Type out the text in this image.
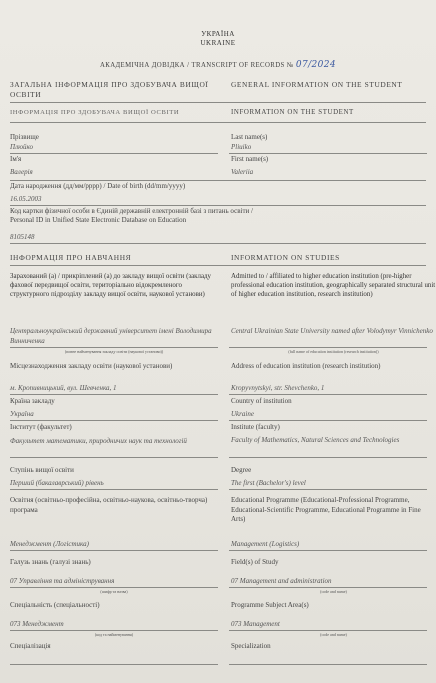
УКРАЇНА
UKRAINE
АКАДЕМІЧНА ДОВІДКА / TRANSCRIPT OF RECORDS № 07/2024
ЗАГАЛЬНА ІНФОРМАЦІЯ ПРО ЗДОБУВАЧА ВИЩОЇ ОСВІТИ
GENERAL INFORMATION ON THE STUDENT
ІНФОРМАЦІЯ ПРО ЗДОБУВАЧА ВИЩОЇ ОСВІТИ	INFORMATION ON THE STUDENT
Прізвище	Last name(s)
Плюйко	Pliuiko
Ім'я	First name(s)
Валерія	Valeriia
Дата народження (дд/мм/рррр) / Date of birth (dd/mm/yyyy)
16.05.2003
Код картки фізичної особи в Єдиній державній електронній базі з питань освіти /
Personal ID in Unified State Electronic Database on Education
8105148
ІНФОРМАЦІЯ ПРО НАВЧАННЯ	INFORMATION ON STUDIES
Зарахований (а) / прикріплений (а) до закладу вищої освіти (закладу фахової передвищої освіти, територіально відокремленого структурного підрозділу закладу вищої освіти, наукової установи)
Admitted to / affiliated to higher education institution (pre-higher professional education institution, geographically separated structural unit of higher education institution, research institution)
Центральноукраїнський державний університет імені Володимира Винниченка
Central Ukrainian State University named after Volodymyr Vinnichenko
(повне найменування закладу освіти (наукової установи))	(full name of education institution (research institution))
Місцезнаходження закладу освіти (наукової установи)	Address of education institution (research institution)
м. Кропивницький, вул. Шевченка, 1	Kropyvnytskyi, str. Shevchenko, 1
Країна закладу	Country of institution
Україна	Ukraine
Інститут (факультет)	Institute (faculty)
Факультет математики, природничих наук та технологій	Faculty of Mathematics, Natural Sciences and Technologies
Ступінь вищої освіти	Degree
Перший (бакалаврський) рівень	The first (Bachelor's) level
Освітня (освітньо-професійна, освітньо-наукова, освітньо-творча) програма
Educational Programme (Educational-Professional Programme, Educational-Scientific Programme, Educational Programme in Fine Arts)
Менеджмент (Логістика)	Management (Logistics)
Галузь знань (галузі знань)	Field(s) of Study
07 Управління та адміністрування	07 Management and administration
(шифр та назва)	(code and name)
Спеціальність (спеціальності)	Programme Subject Area(s)
073 Менеджмент	073 Management
(код та найменування)	(code and name)
Спеціалізація	Specialization
